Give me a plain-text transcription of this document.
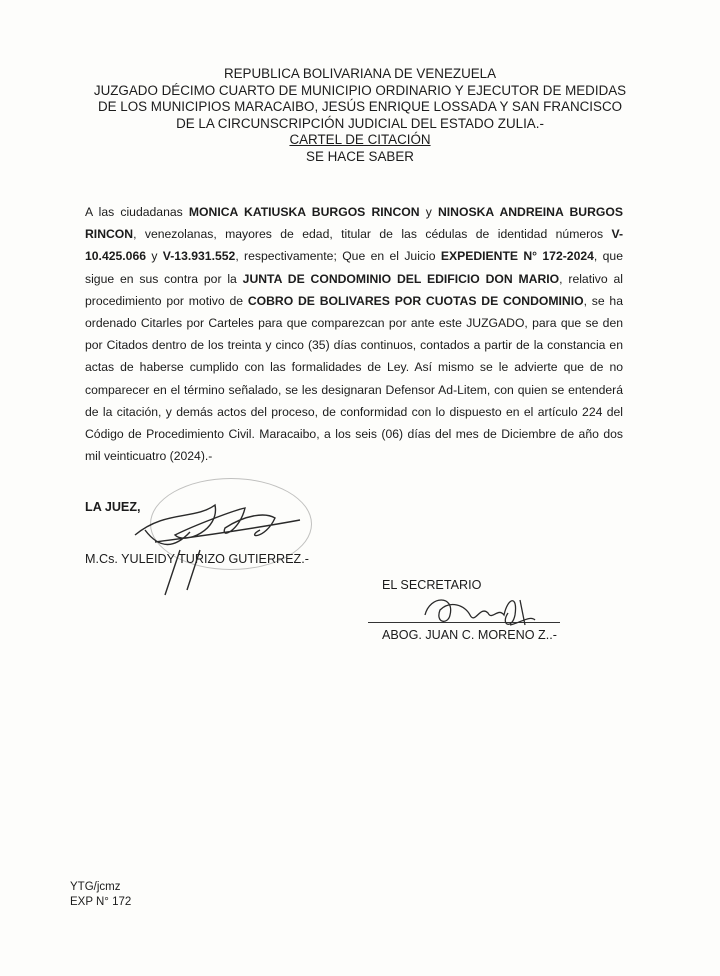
REPUBLICA BOLIVARIANA DE VENEZUELA
JUZGADO DÉCIMO CUARTO DE MUNICIPIO ORDINARIO Y EJECUTOR DE MEDIDAS
DE LOS MUNICIPIOS MARACAIBO, JESÚS ENRIQUE LOSSADA Y SAN FRANCISCO
DE LA CIRCUNSCRIPCIÓN JUDICIAL DEL ESTADO ZULIA.-
CARTEL DE CITACIÓN
SE HACE SABER
A las ciudadanas MONICA KATIUSKA BURGOS RINCON y NINOSKA ANDREINA BURGOS RINCON, venezolanas, mayores de edad, titular de las cédulas de identidad números V-10.425.066 y V-13.931.552, respectivamente; Que en el Juicio EXPEDIENTE N° 172-2024, que sigue en sus contra por la JUNTA DE CONDOMINIO DEL EDIFICIO DON MARIO, relativo al procedimiento por motivo de COBRO DE BOLIVARES POR CUOTAS DE CONDOMINIO, se ha ordenado Citarles por Carteles para que comparezcan por ante este JUZGADO, para que se den por Citados dentro de los treinta y cinco (35) días continuos, contados a partir de la constancia en actas de haberse cumplido con las formalidades de Ley. Así mismo se le advierte que de no comparecer en el término señalado, se les designaran Defensor Ad-Litem, con quien se entenderá de la citación, y demás actos del proceso, de conformidad con lo dispuesto en el artículo 224 del Código de Procedimiento Civil. Maracaibo, a los seis (06) días del mes de Diciembre de año dos mil veinticuatro (2024).-
LA JUEZ,
M.Cs. YULEIDY TURIZO GUTIERREZ.-
EL SECRETARIO
ABOG. JUAN C. MORENO Z..-
YTG/jcmz
EXP N° 172
